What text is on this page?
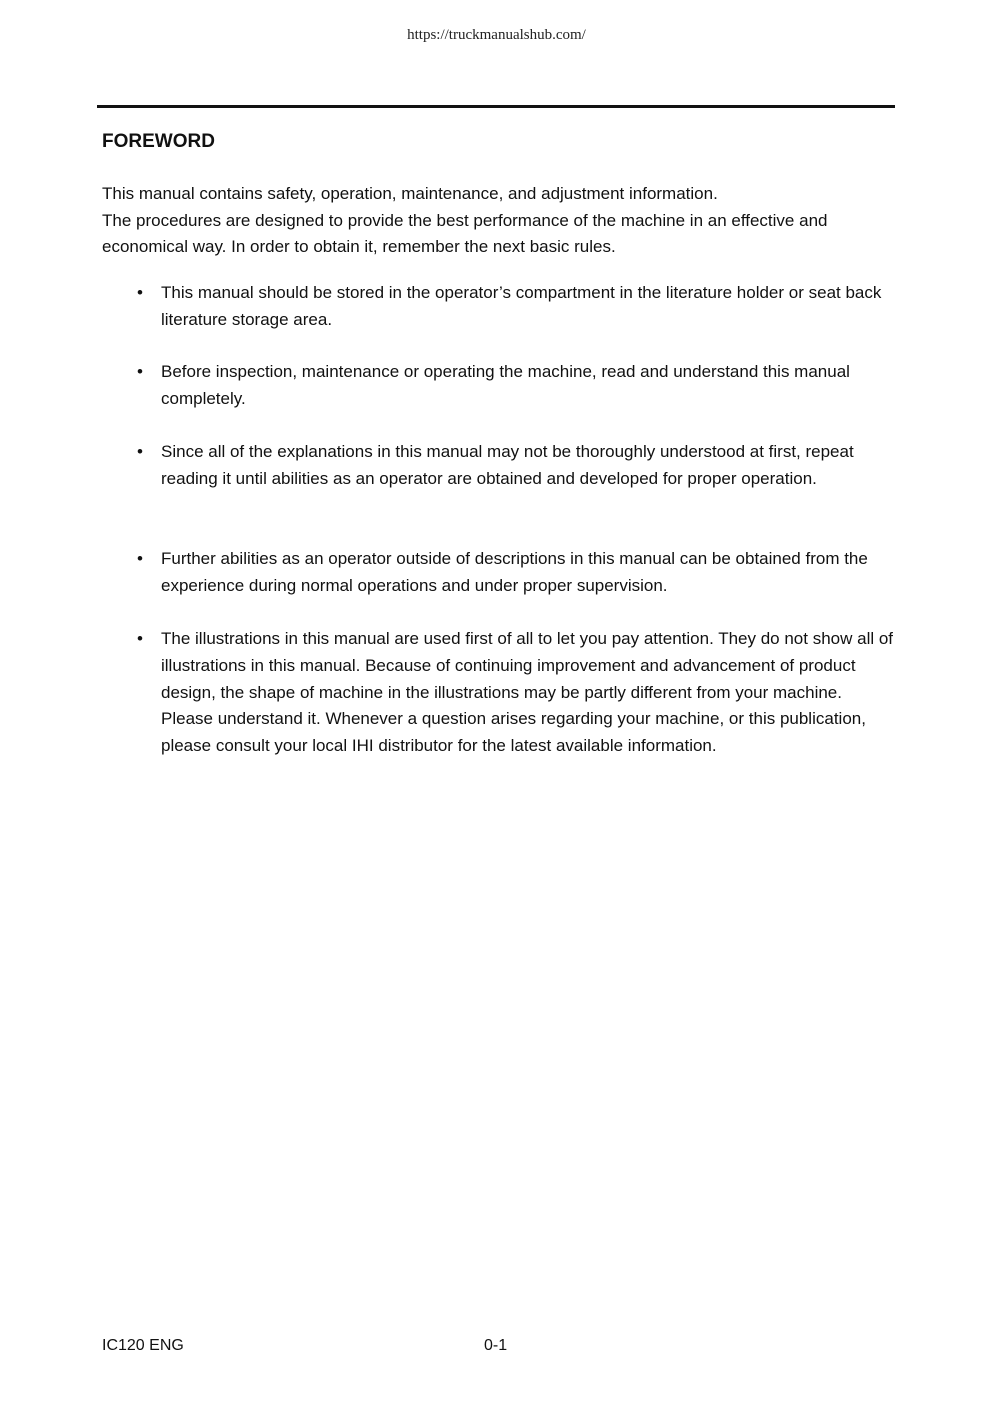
https://truckmanualshub.com/
FOREWORD

This manual contains safety, operation, maintenance, and adjustment information.

The procedures are designed to provide the best performance of the machine in an effective and economical way. In order to obtain it, remember the next basic rules.

• This manual should be stored in the operator’s compartment in the literature holder or seat back literature storage area.
• Before inspection, maintenance or operating the machine, read and understand this manual completely.
• Since all of the explanations in this manual may not be thoroughly understood at first, repeat reading it until abilities as an operator are obtained and developed for proper operation.
• Further abilities as an operator outside of descriptions in this manual can be obtained from the experience during normal operations and under proper supervision.
• The illustrations in this manual are used first of all to let you pay attention. They do not show all of illustrations in this manual. Because of continuing improvement and advancement of product design, the shape of machine in the illustrations may be partly different from your machine. Please understand it. Whenever a question arises regarding your machine, or this publication, please consult your local IHI distributor for the latest available information.
IC120 ENG	0-1
